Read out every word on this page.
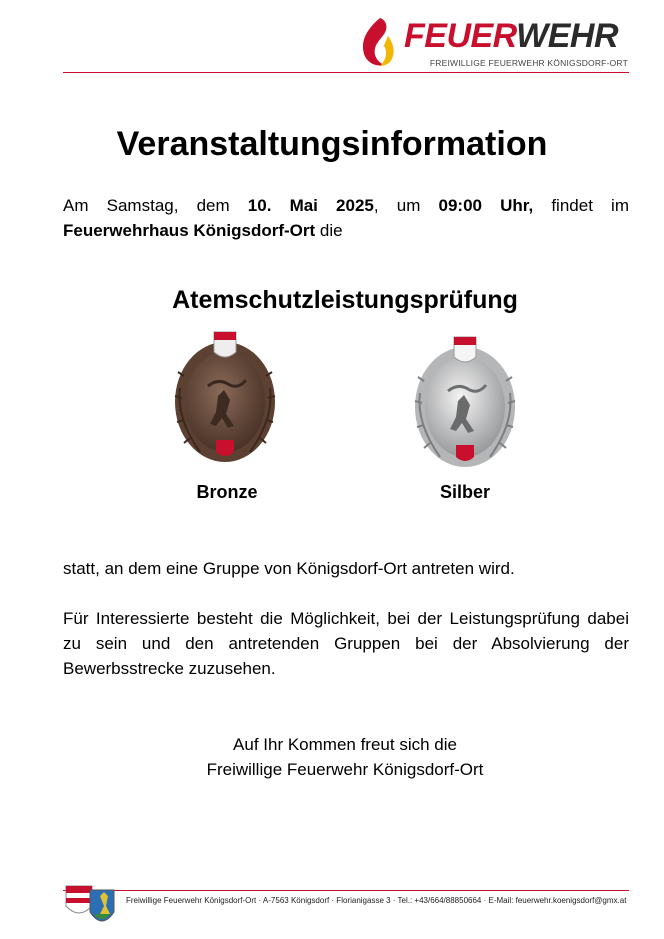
FEUERWEHR
FREIWILLIGE FEUERWEHR KÖNIGSDORF-ORT
Veranstaltungsinformation
Am Samstag, dem 10. Mai 2025, um 09:00 Uhr, findet im
Feuerwehrhaus Königsdorf-Ort die
Atemschutzleistungsprüfung
Bronze	Silber
statt, an dem eine Gruppe von Königsdorf-Ort antreten wird.
Für Interessierte besteht die Möglichkeit, bei der Leistungsprüfung dabei zu sein und den antretenden Gruppen bei der Absolvierung der Bewerbsstrecke zuzusehen.
Auf Ihr Kommen freut sich die
Freiwillige Feuerwehr Königsdorf-Ort
Freiwillige Feuerwehr Königsdorf-Ort · A-7563 Königsdorf · Florianigasse 3 · Tel.: +43/664/88850664 · E-Mail: feuerwehr.koenigsdorf@gmx.at
